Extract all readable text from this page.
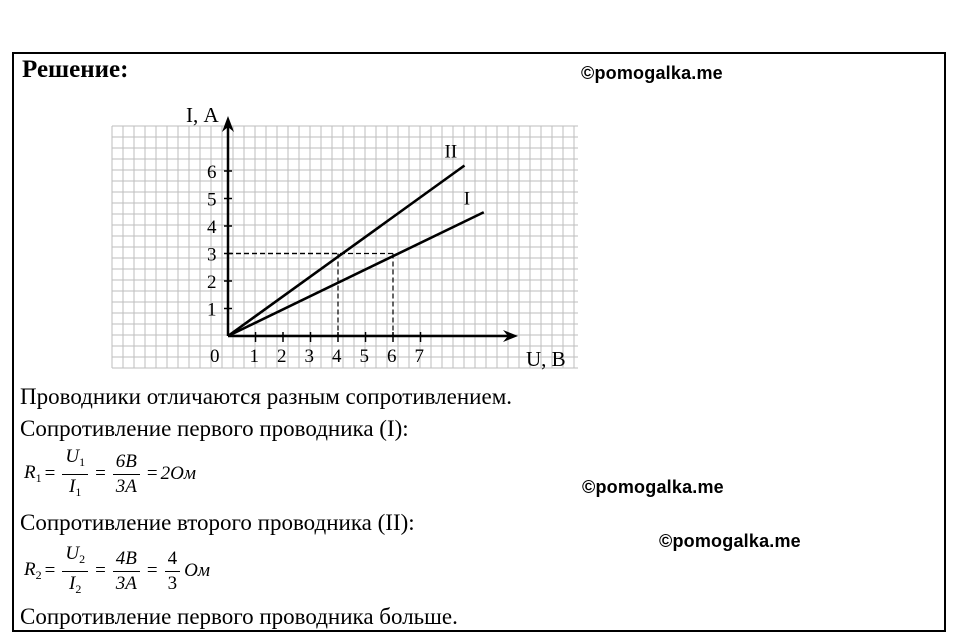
Решение:	©pomogalka.me
©pomogalka.me
©pomogalka.me
1 2 3 4 5 6 7
1
2
3
4
5
6
I
II
I, А
U, В
0
Проводники отличаются разным сопротивлением.
Сопротивление первого проводника (I):
$R_1 = \frac{U_1}{I_1} = \frac{6B}{3A} = 2Ом$
Сопротивление второго проводника (II):
$R_2 = \frac{U_2}{I_2} = \frac{4B}{3A} = \frac{4}{3}$ Ом
Сопротивление первого проводника больше.
